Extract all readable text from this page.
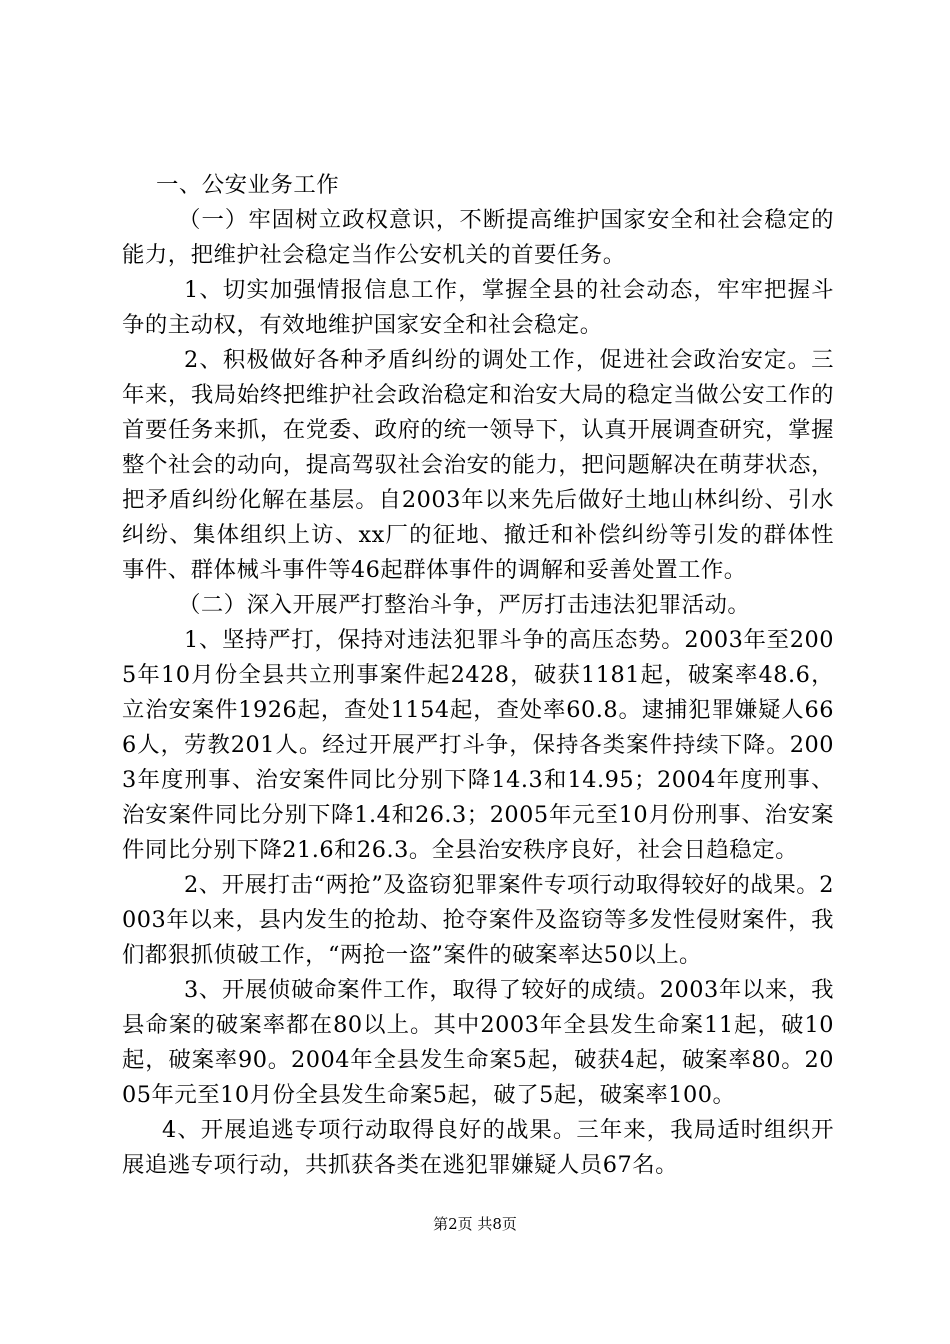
一、公安业务工作

（一）牢固树立政权意识，不断提高维护国家安全和社会稳定的能力，把维护社会稳定当作公安机关的首要任务。

1、切实加强情报信息工作，掌握全县的社会动态，牢牢把握斗争的主动权，有效地维护国家安全和社会稳定。

2、积极做好各种矛盾纠纷的调处工作，促进社会政治安定。三年来，我局始终把维护社会政治稳定和治安大局的稳定当做公安工作的首要任务来抓，在党委、政府的统一领导下，认真开展调查研究，掌握整个社会的动向，提高驾驭社会治安的能力，把问题解决在萌芽状态，把矛盾纠纷化解在基层。自2003年以来先后做好土地山林纠纷、引水纠纷、集体组织上访、xx厂的征地、撤迁和补偿纠纷等引发的群体性事件、群体械斗事件等46起群体事件的调解和妥善处置工作。

（二）深入开展严打整治斗争，严厉打击违法犯罪活动。

1、坚持严打，保持对违法犯罪斗争的高压态势。2003年至2005年10月份全县共立刑事案件起2428，破获1181起，破案率48.6，立治安案件1926起，查处1154起，查处率60.8。逮捕犯罪嫌疑人666人，劳教201人。经过开展严打斗争，保持各类案件持续下降。2003年度刑事、治安案件同比分别下降14.3和14.95；2004年度刑事、治安案件同比分别下降1.4和26.3；2005年元至10月份刑事、治安案件同比分别下降21.6和26.3。全县治安秩序良好，社会日趋稳定。

2、开展打击“两抢”及盗窃犯罪案件专项行动取得较好的战果。2003年以来，县内发生的抢劫、抢夺案件及盗窃等多发性侵财案件，我们都狠抓侦破工作，“两抢一盗”案件的破案率达50以上。

3、开展侦破命案件工作，取得了较好的成绩。2003年以来，我县命案的破案率都在80以上。其中2003年全县发生命案11起，破10起，破案率90。2004年全县发生命案5起，破获4起，破案率80。2005年元至10月份全县发生命案5起，破了5起，破案率100。

4、开展追逃专项行动取得良好的战果。三年来，我局适时组织开展追逃专项行动，共抓获各类在逃犯罪嫌疑人员67名。

第2页 共8页
